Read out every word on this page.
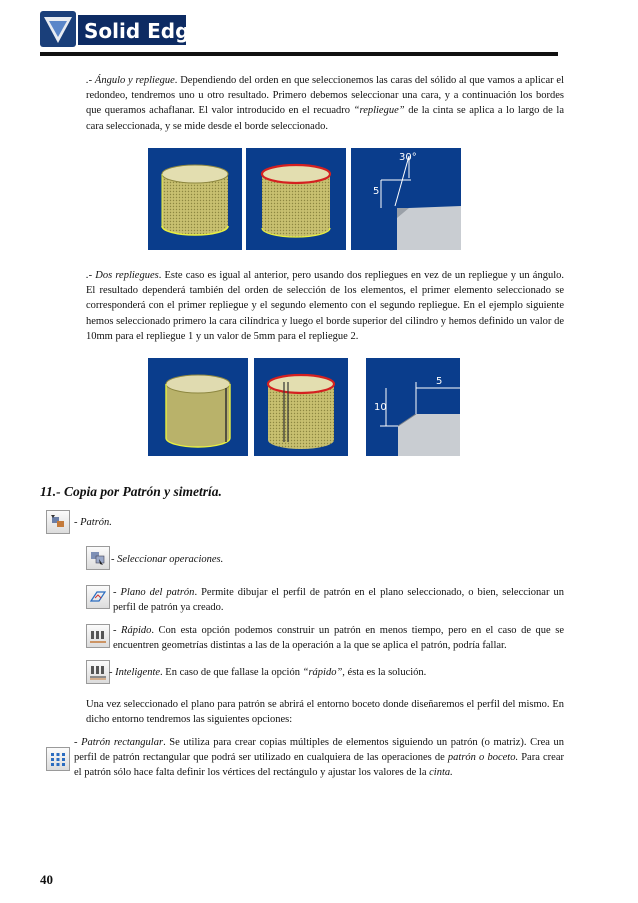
Solid Edge

.- Ángulo y repliegue. Dependiendo del orden en que seleccionemos las caras del sólido al que vamos a aplicar el redondeo, tendremos uno u otro resultado. Primero debemos seleccionar una cara, y a continuación los bordes que queramos achaflanar. El valor introducido en el recuadro “repliegue” de la cinta se aplica a lo largo de la cara seleccionada, y se mide desde el borde seleccionado.

30°
5

.- Dos repliegues. Este caso es igual al anterior, pero usando dos repliegues en vez de un repliegue y un ángulo. El resultado dependerá también del orden de selección de los elementos, el primer elemento seleccionado se corresponderá con el primer repliegue y el segundo elemento con el segundo repliegue. En el ejemplo siguiente hemos seleccionado primero la cara cilíndrica y luego el borde superior del cilindro y hemos definido un valor de 10mm para el repliegue 1 y un valor de 5mm para el repliegue 2.

5
10
11.- Copia por Patrón y simetría.
- Patrón.
- Seleccionar operaciones.
- Plano del patrón. Permite dibujar el perfil de patrón en el plano seleccionado, o bien, seleccionar un perfil de patrón ya creado.
- Rápido. Con esta opción podemos construir un patrón en menos tiempo, pero en el caso de que se encuentren geometrías distintas a las de la operación a la que se aplica el patrón, podría fallar.
- Inteligente. En caso de que fallase la opción “rápido”, ésta es la solución.

Una vez seleccionado el plano para patrón se abrirá el entorno boceto donde diseñaremos el perfil del mismo. En dicho entorno tendremos las siguientes opciones:

- Patrón rectangular. Se utiliza para crear copias múltiples de elementos siguiendo un patrón (o matriz). Crea un perfil de patrón rectangular que podrá ser utilizado en cualquiera de las operaciones de patrón o boceto. Para crear el patrón sólo hace falta definir los vértices del rectángulo y ajustar los valores de la cinta.

40
